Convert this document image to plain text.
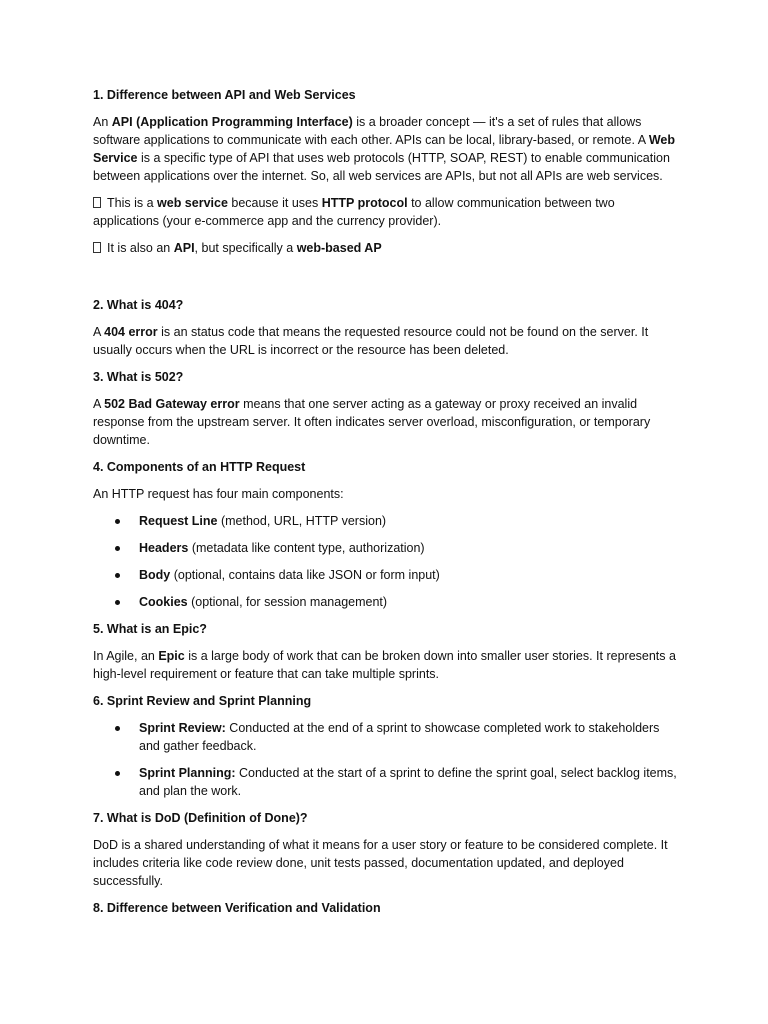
1. Difference between API and Web Services

An API (Application Programming Interface) is a broader concept — it's a set of rules that allows software applications to communicate with each other. APIs can be local, library-based, or remote. A Web Service is a specific type of API that uses web protocols (HTTP, SOAP, REST) to enable communication between applications over the internet. So, all web services are APIs, but not all APIs are web services.

This is a web service because it uses HTTP protocol to allow communication between two applications (your e-commerce app and the currency provider).

It is also an API, but specifically a web-based AP

2. What is 404?

A 404 error is an status code that means the requested resource could not be found on the server. It usually occurs when the URL is incorrect or the resource has been deleted.

3. What is 502?

A 502 Bad Gateway error means that one server acting as a gateway or proxy received an invalid response from the upstream server. It often indicates server overload, misconfiguration, or temporary downtime.

4. Components of an HTTP Request

An HTTP request has four main components:

Request Line (method, URL, HTTP version)
Headers (metadata like content type, authorization)
Body (optional, contains data like JSON or form input)
Cookies (optional, for session management)

5. What is an Epic?

In Agile, an Epic is a large body of work that can be broken down into smaller user stories. It represents a high-level requirement or feature that can take multiple sprints.

6. Sprint Review and Sprint Planning

Sprint Review: Conducted at the end of a sprint to showcase completed work to stakeholders and gather feedback.
Sprint Planning: Conducted at the start of a sprint to define the sprint goal, select backlog items, and plan the work.

7. What is DoD (Definition of Done)?

DoD is a shared understanding of what it means for a user story or feature to be considered complete. It includes criteria like code review done, unit tests passed, documentation updated, and deployed successfully.

8. Difference between Verification and Validation
